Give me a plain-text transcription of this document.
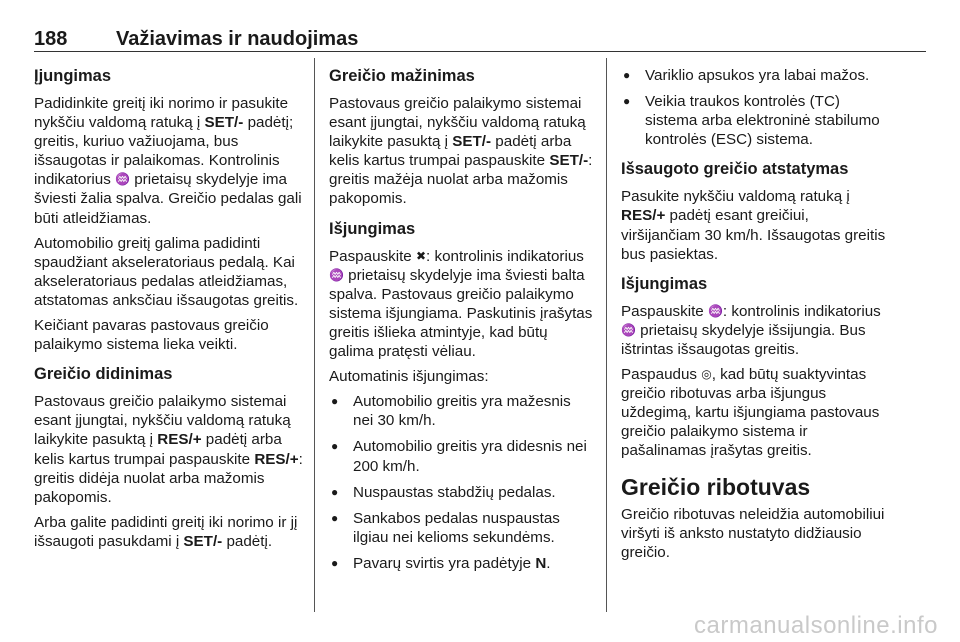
188 Važiavimas ir naudojimas
Įjungimas

Padidinkite greitį iki norimo ir pasukite nykščiu valdomą ratuką į SET/- padėtį; greitis, kuriuo važiuojama, bus išsaugotas ir palaikomas. Kontrolinis indikatorius ♒ prietaisų skydelyje ima šviesti žalia spalva. Greičio pedalas gali būti atleidžiamas.

Automobilio greitį galima padidinti spaudžiant akseleratoriaus pedalą. Kai akseleratoriaus pedalas atleidžiamas, atstatomas anksčiau išsaugotas greitis.

Keičiant pavaras pastovaus greičio palaikymo sistema lieka veikti.

Greičio didinimas

Pastovaus greičio palaikymo sistemai esant įjungtai, nykščiu valdomą ratuką laikykite pasuktą į RES/+ padėtį arba kelis kartus trumpai paspauskite RES/+: greitis didėja nuolat arba mažomis pakopomis.

Arba galite padidinti greitį iki norimo ir jį išsaugoti pasukdami į SET/- padėtį.

Greičio mažinimas

Pastovaus greičio palaikymo sistemai esant įjungtai, nykščiu valdomą ratuką laikykite pasuktą į SET/- padėtį arba kelis kartus trumpai paspauskite SET/-: greitis mažėja nuolat arba mažomis pakopomis.

Išjungimas

Paspauskite ✖: kontrolinis indikatorius ♒ prietaisų skydelyje ima šviesti balta spalva. Pastovaus greičio palaikymo sistema išjungiama. Paskutinis įrašytas greitis išlieka atmintyje, kad būtų galima pratęsti vėliau.

Automatinis išjungimas:

● Automobilio greitis yra mažesnis nei 30 km/h.
● Automobilio greitis yra didesnis nei 200 km/h.
● Nuspaustas stabdžių pedalas.
● Sankabos pedalas nuspaustas ilgiau nei kelioms sekundėms.
● Pavarų svirtis yra padėtyje N.
● Variklio apsukos yra labai mažos.
● Veikia traukos kontrolės (TC) sistema arba elektroninė stabilumo kontrolės (ESC) sistema.
Išsaugoto greičio atstatymas

Pasukite nykščiu valdomą ratuką į RES/+ padėtį esant greičiui, viršijančiam 30 km/h. Išsaugotas greitis bus pasiektas.

Išjungimas

Paspauskite ♒: kontrolinis indikatorius ♒ prietaisų skydelyje išsijungia. Bus ištrintas išsaugotas greitis.

Paspaudus ◎, kad būtų suaktyvintas greičio ribotuvas arba išjungus uždegimą, kartu išjungiama pastovaus greičio palaikymo sistema ir pašalinamas įrašytas greitis.

Greičio ribotuvas

Greičio ribotuvas neleidžia automobiliui viršyti iš anksto nustatyto didžiausio greičio.

carmanualsonline.info
